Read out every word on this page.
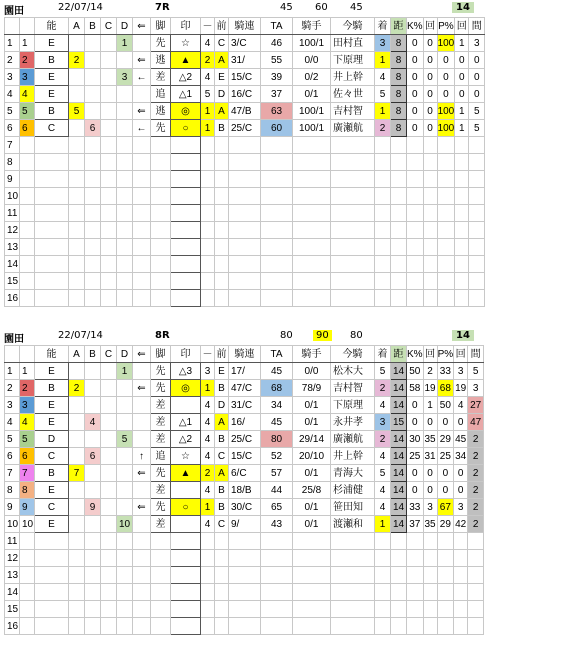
園田	22/07/14	7R	45 60 45	14
		能	A	B	C	D	⇐	脚	印	－	前	騎連	TA	騎手	今騎	着	距	K%	回	P%	回	間
1	1	E				1		先	☆	4	C	3/C	46	100/1	田村直	3	8	0	0	100	1	3
2	2	B	2				⇐	逃	▲	2	A	31/	55	0/0	下原理	1	8	0	0	0	0	0
3	3	E				3	←	差	△2	4	E	15/C	39	0/2	井上幹	4	8	0	0	0	0	0
4	4	E						追	△1	5	D	16/C	37	0/1	佐々世	5	8	0	0	0	0	0
5	5	B	5				⇐	逃	◎	1	A	47/B	63	100/1	吉村智	1	8	0	0	100	1	5
6	6	C		6			←	先	○	1	B	25/C	60	100/1	廣瀬航	2	8	0	0	100	1	5
7																						
8																						
9																						
10																						
11																						
12																						
13																						
14																						
15																						
16																						
園田	22/07/14	8R	80	90	80	14
		能	A	B	C	D	⇐	脚	印	－	前	騎連	TA	騎手	今騎	着	距	K%	回	P%	回	間
1	1	E				1		先	△3	3	E	17/	45	0/0	松木大	5	14	50	2	33	3	5
2	2	B	2				⇐	先	◎	1	B	47/C	68	78/9	吉村智	2	14	58	19	68	19	3
3	3	E						差		4	D	31/C	34	0/1	下原理	4	14	0	1	50	4	27
4	4	E		4				差	△1	4	A	16/	45	0/1	永井孝	3	15	0	0	0	0	47
5	5	D				5		差	△2	4	B	25/C	80	29/14	廣瀬航	2	14	30	35	29	45	2
6	6	C		6			↑	追	☆	4	C	15/C	52	20/10	井上幹	4	14	25	31	25	34	2
7	7	B	7				⇐	先	▲	2	A	6/C	57	0/1	青海大	5	14	0	0	0	0	2
8	8	E						差		4	B	18/B	44	25/8	杉浦健	4	14	0	0	0	0	2
9	9	C		9			⇐	先	○	1	B	30/C	65	0/1	笹田知	4	14	33	3	67	3	2
10	10	E				10		差		4	C	9/	43	0/1	渡瀬和	1	14	37	35	29	42	2
11																						
12																						
13																						
14																						
15																						
16																						
